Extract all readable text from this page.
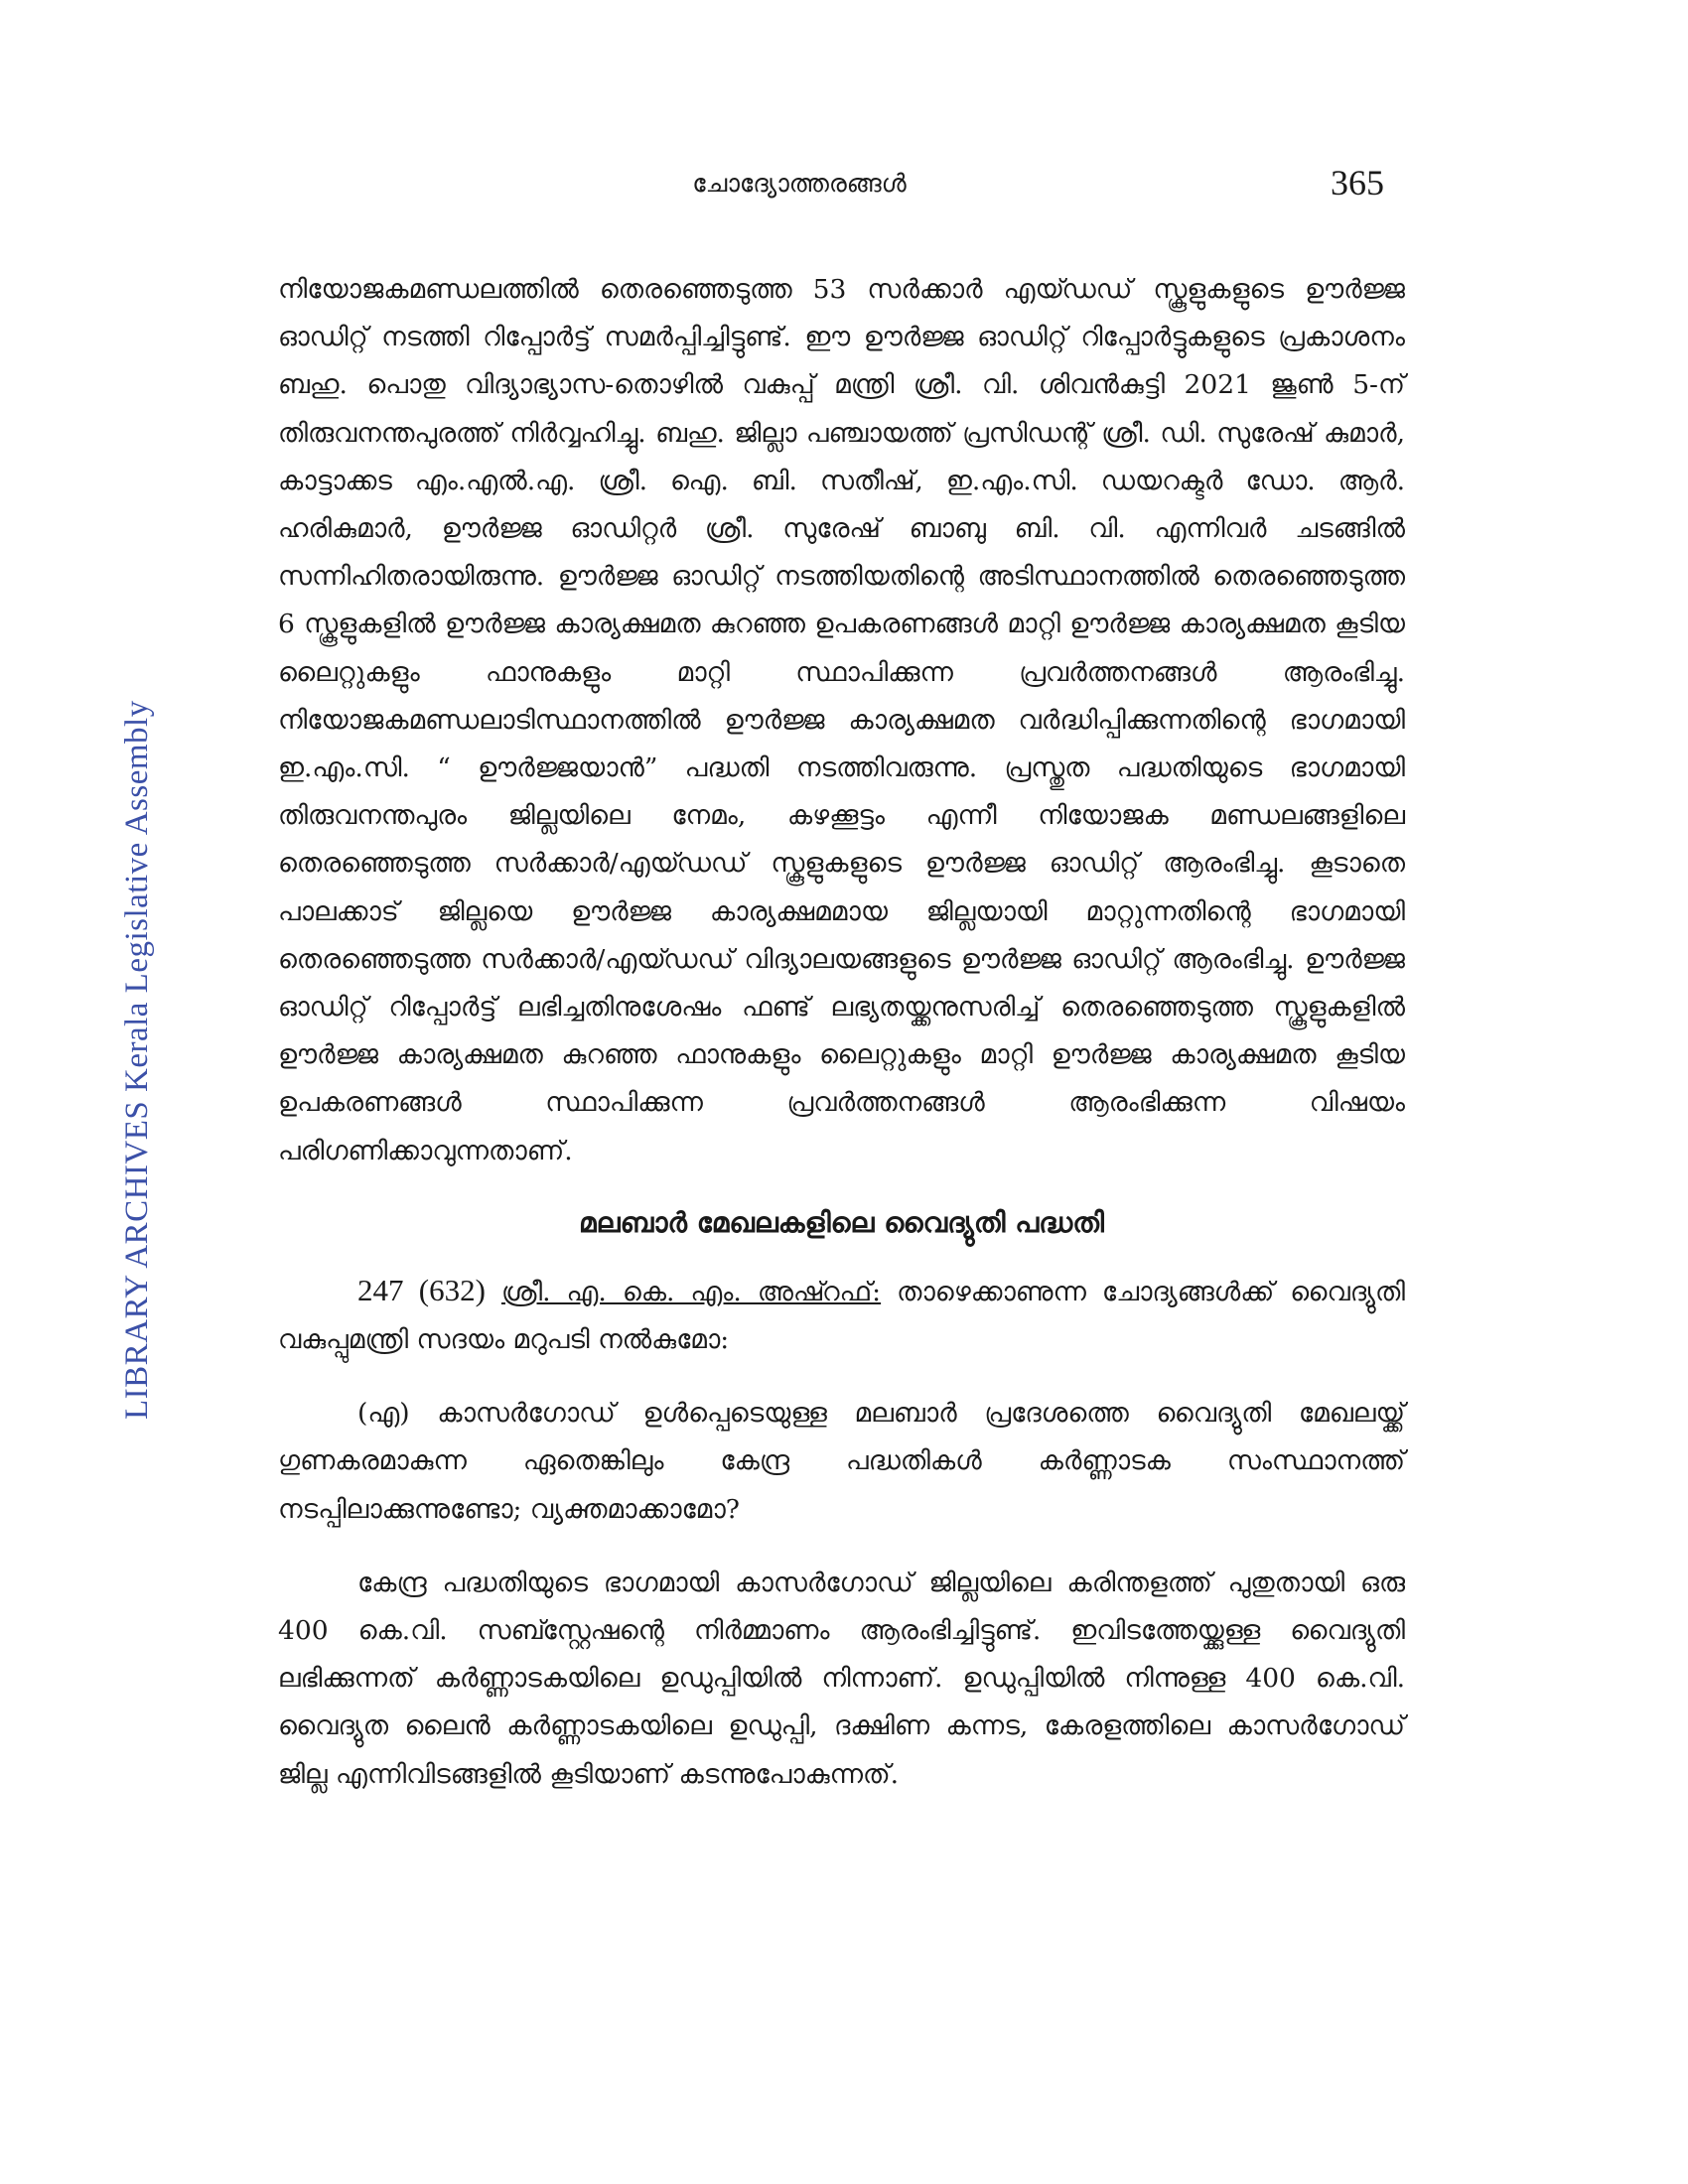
LIBRARY ARCHIVES Kerala Legislative Assembly
ചോദ്യോത്തരങ്ങൾ	365

നിയോജകമണ്ഡലത്തിൽ തെരഞ്ഞെടുത്ത 53 സർക്കാർ എയ്ഡഡ് സ്കൂളുകളുടെ ഊർജ്ജ ഓഡിറ്റ് നടത്തി റിപ്പോർട്ട് സമർപ്പിച്ചിട്ടുണ്ട്. ഈ ഊർജ്ജ ഓഡിറ്റ് റിപ്പോർട്ടുകളുടെ പ്രകാശനം ബഹു. പൊതു വിദ്യാഭ്യാസ-തൊഴിൽ വകുപ്പ് മന്ത്രി ശ്രീ. വി. ശിവൻകുട്ടി 2021 ജൂൺ 5-ന് തിരുവനന്തപുരത്ത് നിർവ്വഹിച്ചു. ബഹു. ജില്ലാ പഞ്ചായത്ത് പ്രസിഡന്റ് ശ്രീ. ഡി. സുരേഷ് കുമാർ, കാട്ടാക്കട എം.എൽ.എ. ശ്രീ. ഐ. ബി. സതീഷ്, ഇ.എം.സി. ഡയറക്ടർ ഡോ. ആർ. ഹരികുമാർ, ഊർജ്ജ ഓഡിറ്റർ ശ്രീ. സുരേഷ് ബാബു ബി. വി. എന്നിവർ ചടങ്ങിൽ സന്നിഹിതരായിരുന്നു. ഊർജ്ജ ഓഡിറ്റ് നടത്തിയതിന്റെ അടിസ്ഥാനത്തിൽ തെരഞ്ഞെടുത്ത 6 സ്കൂളുകളിൽ ഊർജ്ജ കാര്യക്ഷമത കുറഞ്ഞ ഉപകരണങ്ങൾ മാറ്റി ഊർജ്ജ കാര്യക്ഷമത കൂടിയ ലൈറ്റുകളും ഫാനുകളും മാറ്റി സ്ഥാപിക്കുന്ന പ്രവർത്തനങ്ങൾ ആരംഭിച്ചു. നിയോജകമണ്ഡലാടിസ്ഥാനത്തിൽ ഊർജ്ജ കാര്യക്ഷമത വർദ്ധിപ്പിക്കുന്നതിന്റെ ഭാഗമായി ഇ.എം.സി. “ ഊർജ്ജയാൻ” പദ്ധതി നടത്തിവരുന്നു. പ്രസ്തുത പദ്ധതിയുടെ ഭാഗമായി തിരുവനന്തപുരം ജില്ലയിലെ നേമം, കഴക്കൂട്ടം എന്നീ നിയോജക മണ്ഡലങ്ങളിലെ തെരഞ്ഞെടുത്ത സർക്കാർ/എയ്ഡഡ് സ്കൂളുകളുടെ ഊർജ്ജ ഓഡിറ്റ് ആരംഭിച്ചു. കൂടാതെ പാലക്കാട് ജില്ലയെ ഊർജ്ജ കാര്യക്ഷമമായ ജില്ലയായി മാറ്റുന്നതിന്റെ ഭാഗമായി തെരഞ്ഞെടുത്ത സർക്കാർ/എയ്ഡഡ് വിദ്യാലയങ്ങളുടെ ഊർജ്ജ ഓഡിറ്റ് ആരംഭിച്ചു. ഊർജ്ജ ഓഡിറ്റ് റിപ്പോർട്ട് ലഭിച്ചതിനുശേഷം ഫണ്ട് ലഭ്യതയ്ക്കനുസരിച്ച് തെരഞ്ഞെടുത്ത സ്കൂളുകളിൽ ഊർജ്ജ കാര്യക്ഷമത കുറഞ്ഞ ഫാനുകളും ലൈറ്റുകളും മാറ്റി ഊർജ്ജ കാര്യക്ഷമത കൂടിയ ഉപകരണങ്ങൾ സ്ഥാപിക്കുന്ന പ്രവർത്തനങ്ങൾ ആരംഭിക്കുന്ന വിഷയം പരിഗണിക്കാവുന്നതാണ്.

മലബാർ മേഖലകളിലെ വൈദ്യുതി പദ്ധതി

247 (632) ശ്രീ. എ. കെ. എം. അഷ്റഫ്: താഴെക്കാണുന്ന ചോദ്യങ്ങൾക്ക് വൈദ്യുതി വകുപ്പുമന്ത്രി സദയം മറുപടി നൽകുമോ:

(എ) കാസർഗോഡ് ഉൾപ്പെടെയുള്ള മലബാർ പ്രദേശത്തെ വൈദ്യുതി മേഖലയ്ക്ക് ഗുണകരമാകുന്ന ഏതെങ്കിലും കേന്ദ്ര പദ്ധതികൾ കർണ്ണാടക സംസ്ഥാനത്ത് നടപ്പിലാക്കുന്നുണ്ടോ; വ്യക്തമാക്കാമോ?

കേന്ദ്ര പദ്ധതിയുടെ ഭാഗമായി കാസർഗോഡ് ജില്ലയിലെ കരിന്തളത്ത് പുതുതായി ഒരു 400 കെ.വി. സബ്സ്റ്റേഷന്റെ നിർമ്മാണം ആരംഭിച്ചിട്ടുണ്ട്. ഇവിടത്തേയ്ക്കുള്ള വൈദ്യുതി ലഭിക്കുന്നത് കർണ്ണാടകയിലെ ഉഡുപ്പിയിൽ നിന്നാണ്. ഉഡുപ്പിയിൽ നിന്നുള്ള 400 കെ.വി. വൈദ്യുത ലൈൻ കർണ്ണാടകയിലെ ഉഡുപ്പി, ദക്ഷിണ കന്നട, കേരളത്തിലെ കാസർഗോഡ് ജില്ല എന്നിവിടങ്ങളിൽ കൂടിയാണ് കടന്നുപോകുന്നത്.
